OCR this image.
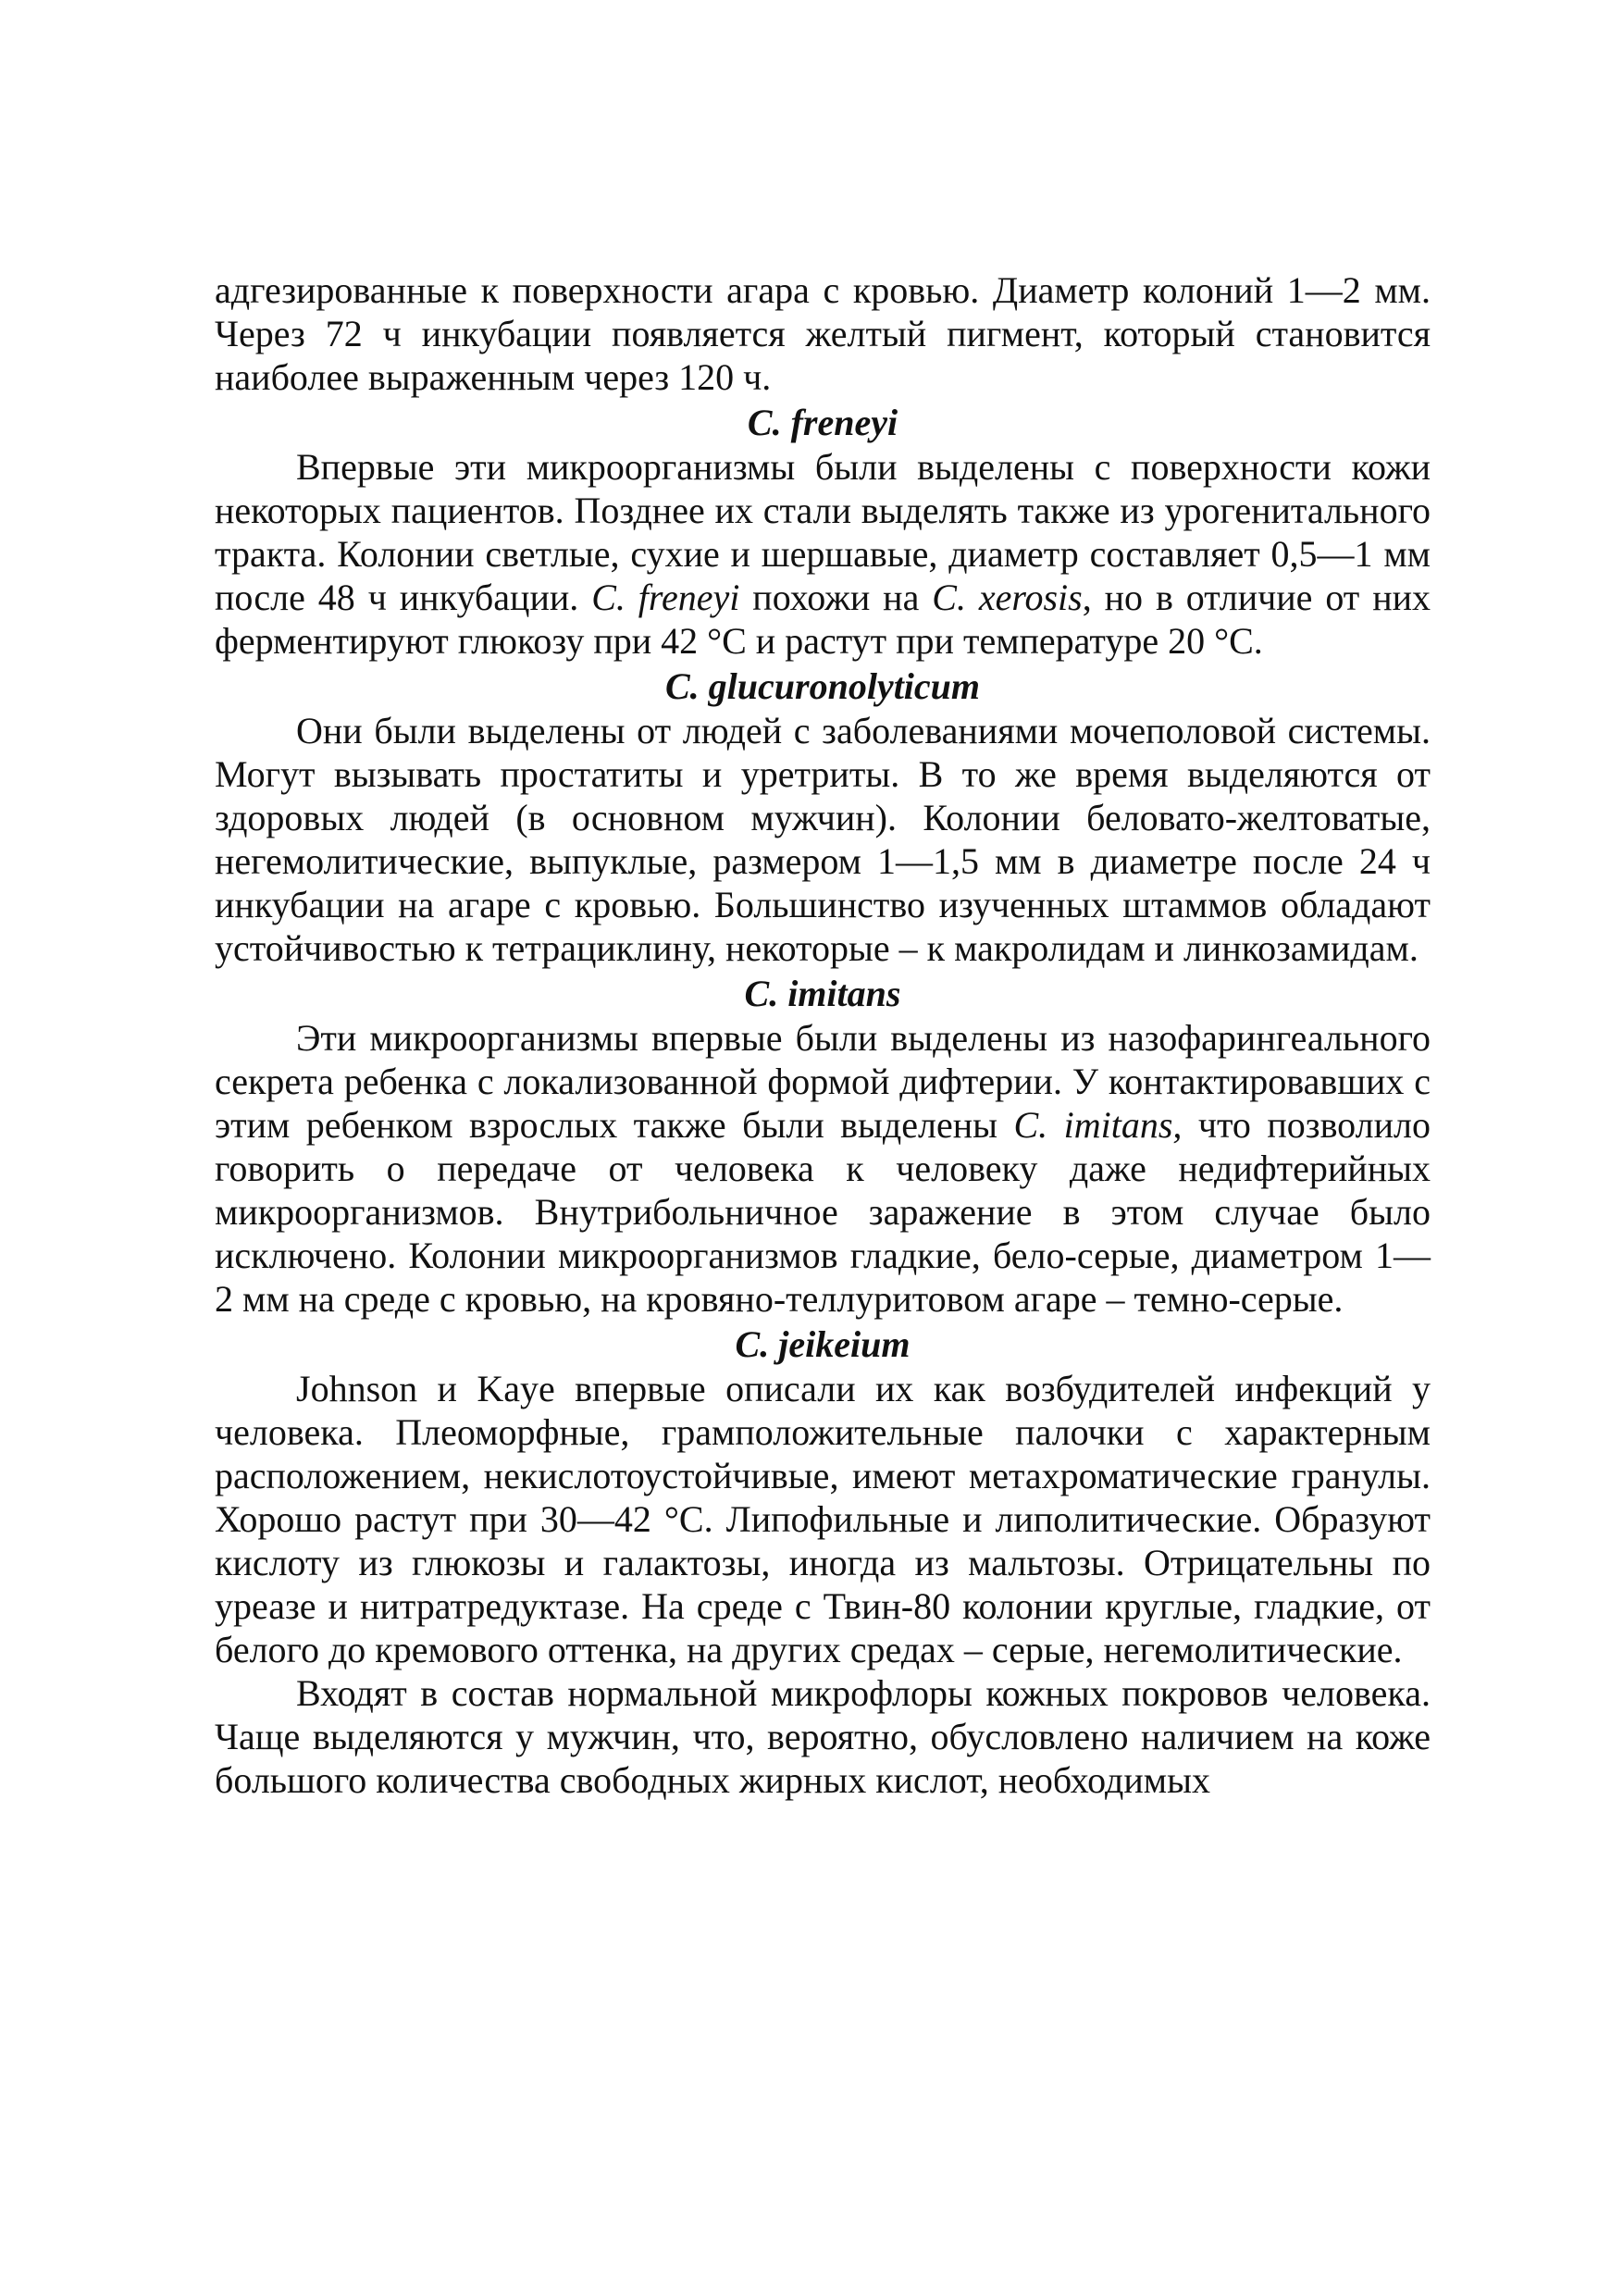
адгезированные к поверхности агара с кровью. Диаметр колоний 1—2 мм. Через 72 ч инкубации появляется желтый пигмент, который становится наиболее выраженным через 120 ч.

C. freneyi

Впервые эти микроорганизмы были выделены с поверхности кожи некоторых пациентов. Позднее их стали выделять также из урогенитального тракта. Колонии светлые, сухие и шершавые, диаметр составляет 0,5—1 мм после 48 ч инкубации. C. freneyi похожи на C. xerosis, но в отличие от них ферментируют глюкозу при 42 °С и растут при температуре 20 °С.

C. glucuronolyticum

Они были выделены от людей с заболеваниями мочеполовой системы. Могут вызывать простатиты и уретриты. В то же время выделяются от здоровых людей (в основном мужчин). Колонии беловато-желтоватые, негемолитические, выпуклые, размером 1—1,5 мм в диаметре после 24 ч инкубации на агаре с кровью. Большинство изученных штаммов обладают устойчивостью к тетрациклину, некоторые – к макролидам и линкозамидам.

C. imitans

Эти микроорганизмы впервые были выделены из назофарингеального секрета ребенка с локализованной формой дифтерии. У контактировавших с этим ребенком взрослых также были выделены C. imitans, что позволило говорить о передаче от человека к человеку даже недифтерийных микроорганизмов. Внутрибольничное заражение в этом случае было исключено. Колонии микроорганизмов гладкие, бело-серые, диаметром 1—2 мм на среде с кровью, на кровяно-теллуритовом агаре – темно-серые.

C. jeikeium

Johnson и Kaye впервые описали их как возбудителей инфекций у человека. Плеоморфные, грамположительные палочки с характерным расположением, некислотоустойчивые, имеют метахроматические гранулы. Хорошо растут при 30—42 °С. Липофильные и липолитические. Образуют кислоту из глюкозы и галактозы, иногда из мальтозы. Отрицательны по уреазе и нитратредуктазе. На среде с Твин-80 колонии круглые, гладкие, от белого до кремового оттенка, на других средах – серые, негемолитические.

Входят в состав нормальной микрофлоры кожных покровов человека. Чаще выделяются у мужчин, что, вероятно, обусловлено наличием на коже большого количества свободных жирных кислот, необходимых
